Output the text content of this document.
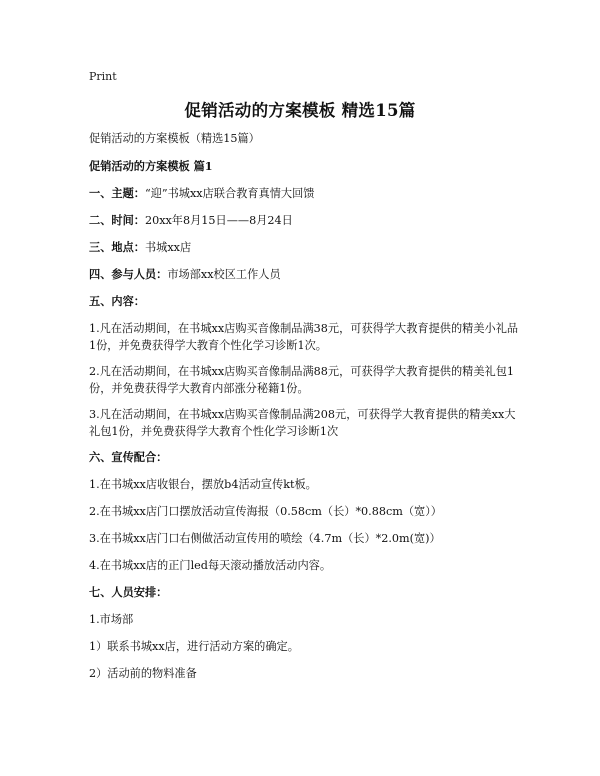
Print
促销活动的方案模板 精选15篇

促销活动的方案模板（精选15篇）

促销活动的方案模板 篇1

一、主题：“迎”书城xx店联合教育真情大回馈

二、时间：20xx年8月15日——8月24日

三、地点：书城xx店

四、参与人员：市场部xx校区工作人员

五、内容：

1.凡在活动期间，在书城xx店购买音像制品满38元，可获得学大教育提供的精美小礼品1份，并免费获得学大教育个性化学习诊断1次。

2.凡在活动期间，在书城xx店购买音像制品满88元，可获得学大教育提供的精美礼包1份，并免费获得学大教育内部涨分秘籍1份。

3.凡在活动期间，在书城xx店购买音像制品满208元，可获得学大教育提供的精美xx大礼包1份，并免费获得学大教育个性化学习诊断1次

六、宣传配合：

1.在书城xx店收银台，摆放b4活动宣传kt板。

2.在书城xx店门口摆放活动宣传海报（0.58cm（长）*0.88cm（宽））

3.在书城xx店门口右侧做活动宣传用的喷绘（4.7m（长）*2.0m(宽)）

4.在书城xx店的正门led每天滚动播放活动内容。

七、人员安排：

1.市场部

1）联系书城xx店，进行活动方案的确定。

2）活动前的物料准备
